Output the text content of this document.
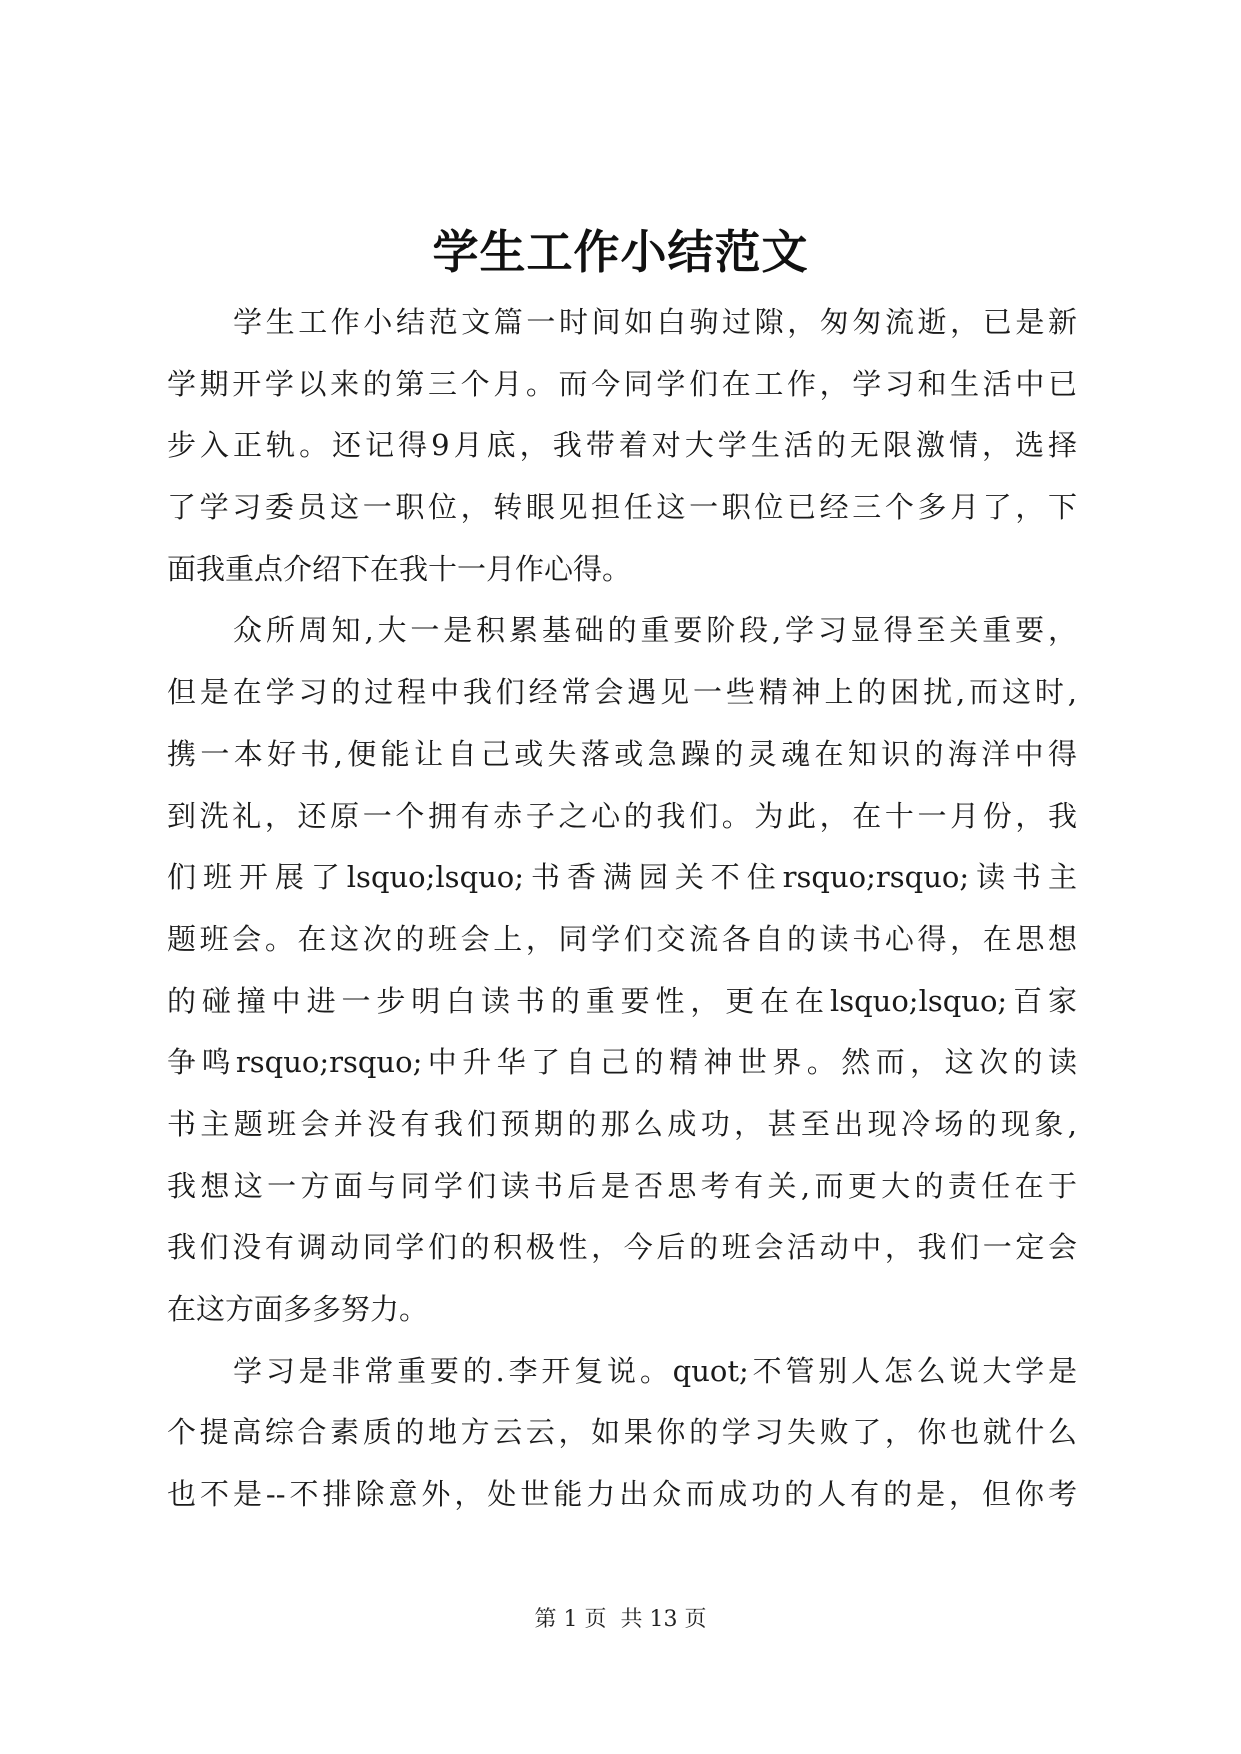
学生工作小结范文
学生工作小结范文篇一时间如白驹过隙，匆匆流逝，已是新
学期开学以来的第三个月。而今同学们在工作，学习和生活中已
步入正轨。还记得9月底，我带着对大学生活的无限激情，选择
了学习委员这一职位，转眼见担任这一职位已经三个多月了，下
面我重点介绍下在我十一月作心得。
众所周知,大一是积累基础的重要阶段,学习显得至关重要，
但是在学习的过程中我们经常会遇见一些精神上的困扰,而这时,
携一本好书,便能让自己或失落或急躁的灵魂在知识的海洋中得
到洗礼，还原一个拥有赤子之心的我们。为此，在十一月份，我
们班开展了lsquo;lsquo;书香满园关不住rsquo;rsquo;读书主
题班会。在这次的班会上，同学们交流各自的读书心得，在思想
的碰撞中进一步明白读书的重要性，更在在lsquo;lsquo;百家
争鸣rsquo;rsquo;中升华了自己的精神世界。然而，这次的读
书主题班会并没有我们预期的那么成功，甚至出现冷场的现象,
我想这一方面与同学们读书后是否思考有关,而更大的责任在于
我们没有调动同学们的积极性，今后的班会活动中，我们一定会
在这方面多多努力。
学习是非常重要的.李开复说。quot;不管别人怎么说大学是
个提高综合素质的地方云云，如果你的学习失败了，你也就什么
也不是--不排除意外，处世能力出众而成功的人有的是，但你考
第 1 页  共 13 页
